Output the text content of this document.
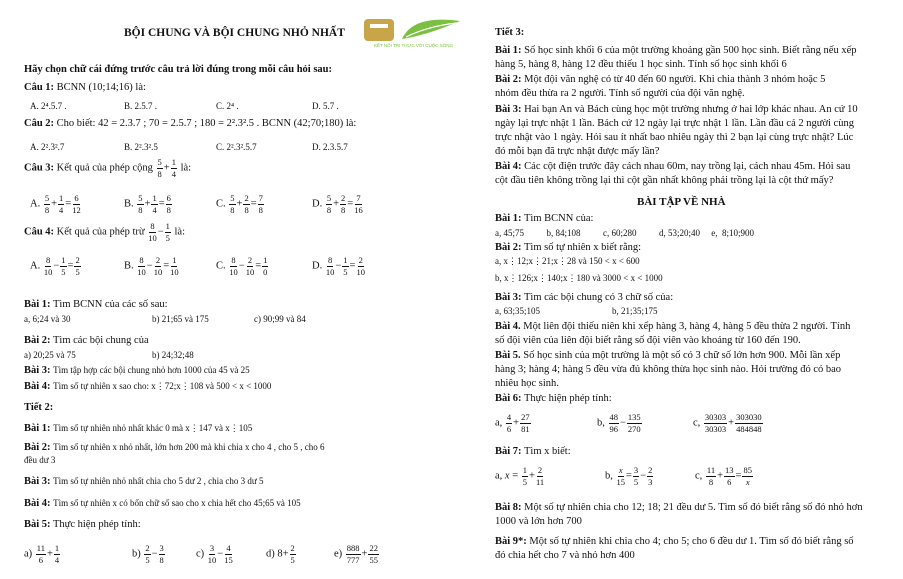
KẾT NỐI TRI THỨC VỚI CUỘC SỐNG
BỘI CHUNG VÀ BỘI CHUNG NHỎ NHẤT
Hãy chọn chữ cái đứng trước câu trả lời đúng trong mỗi câu hỏi sau:
Câu 1: BCNN (10;14;16) là:
A. 2⁴.5.7 .	B. 2.5.7 .	C. 2⁴ .	D. 5.7 .
Câu 2: Cho biết: 42 = 2.3.7 ; 70 = 2.5.7 ; 180 = 2².3².5 . BCNN (42;70;180) là:
A. 2².3².7	B. 2².3².5	C. 2².3².5.7	D. 2.3.5.7
Câu 3: Kết quả của phép cộng $\frac{5}{8} + \frac{1}{4}$ là:
A. $\frac{5}{8} + \frac{1}{4} = \frac{6}{12}$	B. $\frac{5}{8} + \frac{1}{4} = \frac{6}{8}$	C. $\frac{5}{8} + \frac{2}{8} = \frac{7}{8}$	D. $\frac{5}{8} + \frac{2}{8} = \frac{7}{16}$
Câu 4: Kết quả của phép trừ $\frac{8}{10} - \frac{1}{5}$ là:
A. $\frac{8}{10} - \frac{1}{5} = \frac{2}{5}$	B. $\frac{8}{10} - \frac{2}{10} = \frac{1}{10}$	C. $\frac{8}{10} - \frac{2}{10} = \frac{1}{0}$	D. $\frac{8}{10} - \frac{1}{5} = \frac{2}{10}$
Bài 1: Tìm BCNN của các số sau:
a, 6;24 và 30	b) 21;65 và 175	c) 90;99 và 84
Bài 2: Tìm các bội chung của
a) 20;25 và 75	b) 24;32;48
Bài 3: Tìm tập hợp các bội chung nhỏ hơn 1000 của 45 và 25
Bài 4: Tìm số tự nhiên x sao cho: x⋮72;x⋮108 và 500 < x < 1000
Tiết 2:
Bài 1: Tìm số tự nhiên nhỏ nhất khác 0 mà x⋮147 và x⋮105
Bài 2: Tìm số tự nhiên x nhỏ nhất, lớn hơn 200 mà khi chia x cho 4 , cho 5 , cho 6
đều dư 3
Bài 3: Tìm số tự nhiên nhỏ nhất chia cho 5 dư 2 , chia cho 3 dư 5
Bài 4: Tìm số tự nhiên x có bốn chữ số sao cho x chia hết cho 45;65 và 105
Bài 5: Thực hiện phép tính:
$a) \frac{11}{6} + \frac{1}{4}$	$b) \frac{2}{5} - \frac{3}{8}$	$c) \frac{3}{10} - \frac{4}{15}$	d) $8+ \frac{2}{5}$	$e) \frac{888}{777} + \frac{22}{55}$
Tiết 3:
Bài 1: Số học sinh khối 6 của một trường khoảng gần 500 học sinh. Biết rằng nếu xếp
hàng 5, hàng 8, hàng 12 đều thiếu 1 học sinh. Tính số học sinh khối 6
Bài 2: Một đội văn nghệ có từ 40 đến 60 người. Khi chia thành 3 nhóm hoặc 5
nhóm đều thừa ra 2 người. Tính số người của đội văn nghệ.
Bài 3: Hai bạn An và Bách cùng học một trường nhưng ở hai lớp khác nhau. An cứ 10
ngày lại trực nhật 1 lần. Bách cứ 12 ngày lại trực nhật 1 lần. Lần đầu cả 2 người cùng
trực nhật vào 1 ngày. Hỏi sau ít nhất bao nhiêu ngày thì 2 bạn lại cùng trực nhật? Lúc
đó mỗi bạn đã trực nhật được mấy lần?
Bài 4: Các cột điện trước đây cách nhau 60m, nay trồng lại, cách nhau 45m. Hỏi sau
cột đầu tiên không trồng lại thì cột gần nhất không phải trồng lại là cột thứ mấy?
BÀI TẬP VỀ NHÀ
Bài 1: Tìm BCNN của:
a, 45;75          b, 84;108          c, 60;280          d, 53;20;40     e,  8;10;900
Bài 2: Tìm số tự nhiên x biết rằng:
a, x⋮12;x⋮21;x⋮28 và 150 < x < 600
b, x⋮126;x⋮140;x⋮180 và 3000 < x < 1000
Bài 3: Tìm các bội chung có 3 chữ số của:
a, 63;35;105                                b, 21;35;175
Bài 4. Một liên đội thiếu niên khi xếp hàng 3, hàng 4, hàng 5 đều thừa 2 người. Tính
số đội viên của liên đội biết rằng số đội viên vào khoảng từ 160 đến 190.
Bài 5. Số học sinh của một trường là một số có 3 chữ số lớn hơn 900. Mỗi lần xếp
hàng 3; hàng 4; hàng 5 đều vừa đủ không thừa học sinh nào. Hỏi trường đó có bao
nhiêu học sinh.
Bài 6: Thực hiện phép tính:
a, $\frac{4}{6} + \frac{27}{81}$	b, $\frac{48}{96} - \frac{135}{270}$	c, $\frac{30303}{30303} + \frac{303030}{484848}$
Bài 7: Tìm x biết:
a, $x = \frac{1}{5} + \frac{2}{11}$	b, $\frac{x}{15} = \frac{3}{5} - \frac{2}{3}$	c, $\frac{11}{8} + \frac{13}{6} = \frac{85}{x}$
Bài 8: Một số tự nhiên chia cho 12; 18; 21 đều dư 5. Tìm số đó biết rằng số đó nhỏ hơn
1000 và lớn hơn 700
Bài 9*: Một số tự nhiên khi chia cho 4; cho 5; cho 6 đều dư 1. Tìm số đó biết rằng số
đó chia hết cho 7 và nhỏ hơn 400
